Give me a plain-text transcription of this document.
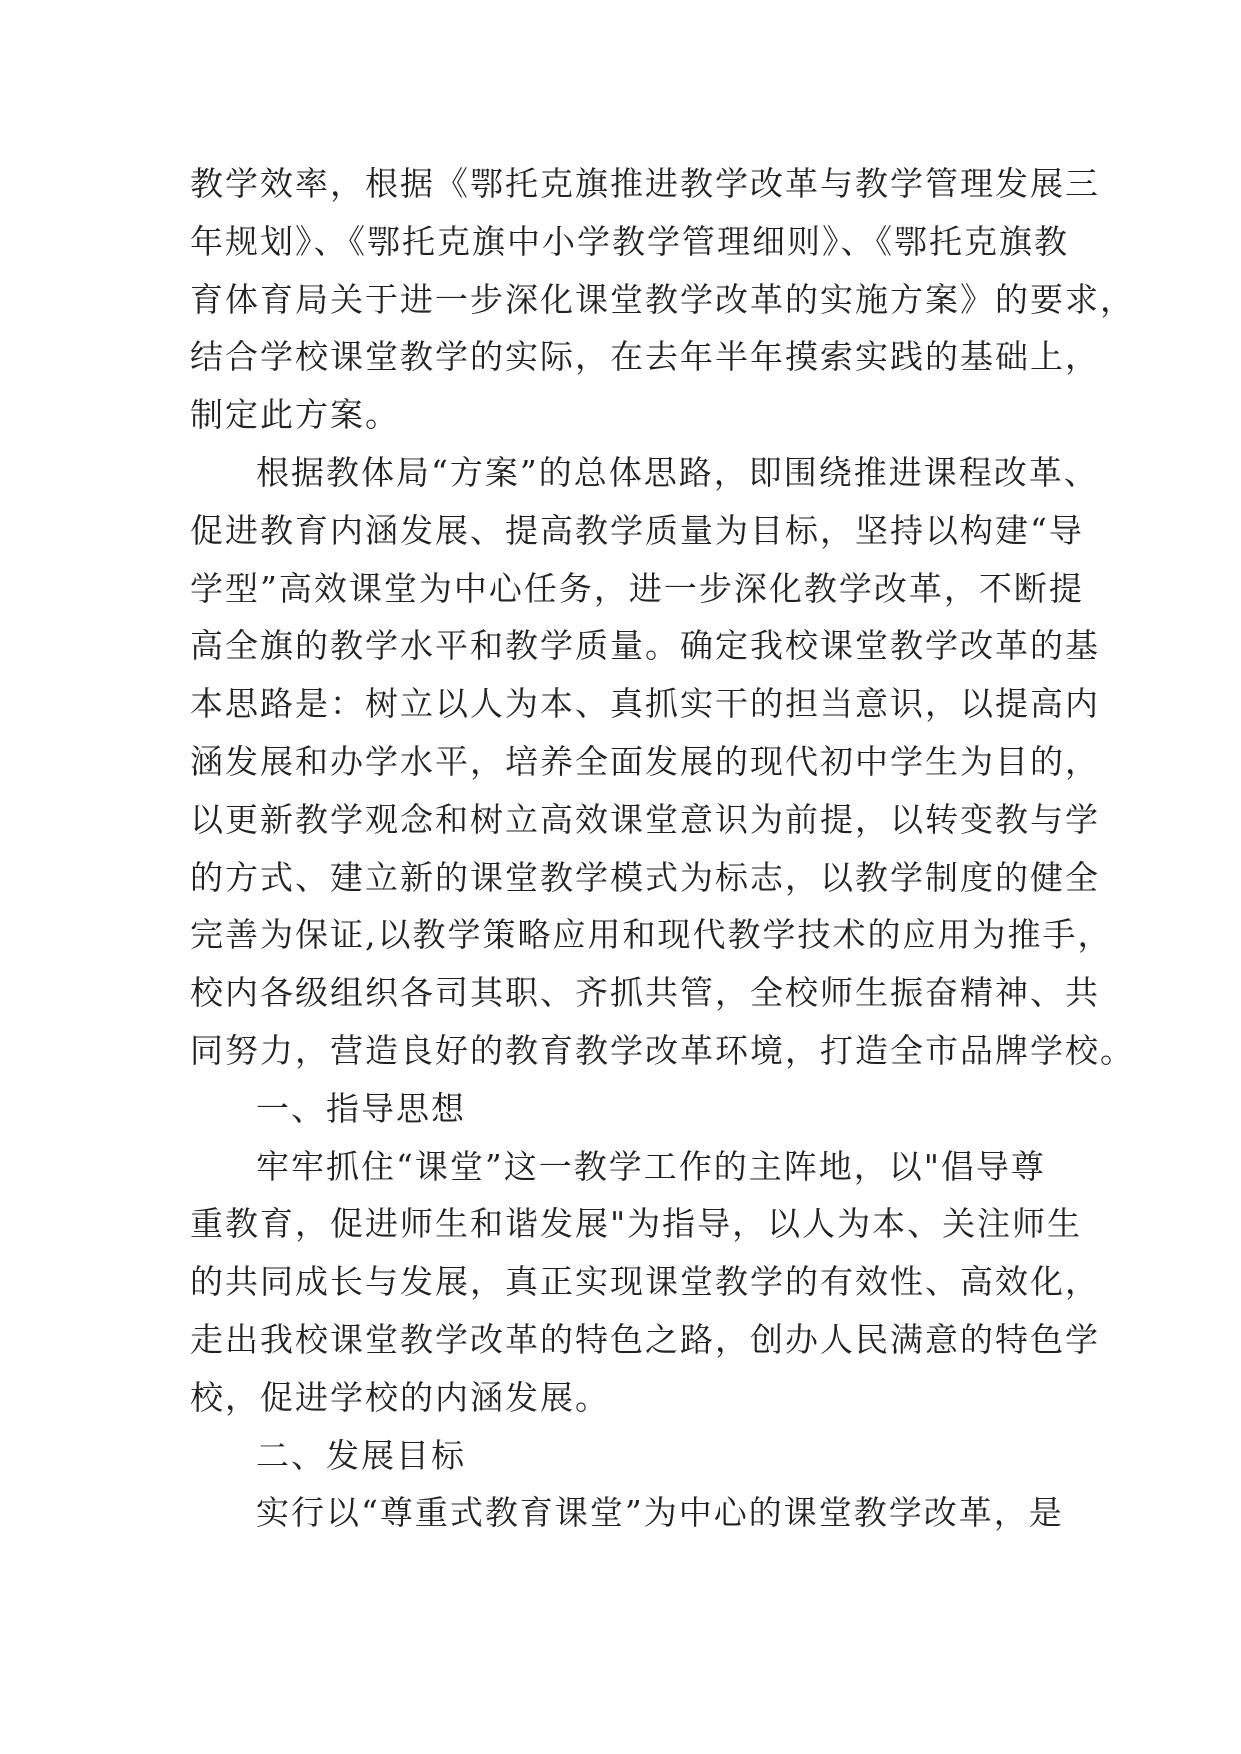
教学效率，根据《鄂托克旗推进教学改革与教学管理发展三
年规划》、《鄂托克旗中小学教学管理细则》、《鄂托克旗教
育体育局关于进一步深化课堂教学改革的实施方案》的要求，
结合学校课堂教学的实际，在去年半年摸索实践的基础上，
制定此方案。
根据教体局“方案”的总体思路，即围绕推进课程改革、
促进教育内涵发展、提高教学质量为目标，坚持以构建“导
学型”高效课堂为中心任务，进一步深化教学改革，不断提
高全旗的教学水平和教学质量。确定我校课堂教学改革的基
本思路是：树立以人为本、真抓实干的担当意识，以提高内
涵发展和办学水平，培养全面发展的现代初中学生为目的，
以更新教学观念和树立高效课堂意识为前提，以转变教与学
的方式、建立新的课堂教学模式为标志，以教学制度的健全
完善为保证,以教学策略应用和现代教学技术的应用为推手，
校内各级组织各司其职、齐抓共管，全校师生振奋精神、共
同努力，营造良好的教育教学改革环境，打造全市品牌学校。
一、指导思想
牢牢抓住“课堂”这一教学工作的主阵地，以"倡导尊
重教育，促进师生和谐发展"为指导，以人为本、关注师生
的共同成长与发展，真正实现课堂教学的有效性、高效化，
走出我校课堂教学改革的特色之路，创办人民满意的特色学
校，促进学校的内涵发展。
二、发展目标
实行以“尊重式教育课堂”为中心的课堂教学改革，是
